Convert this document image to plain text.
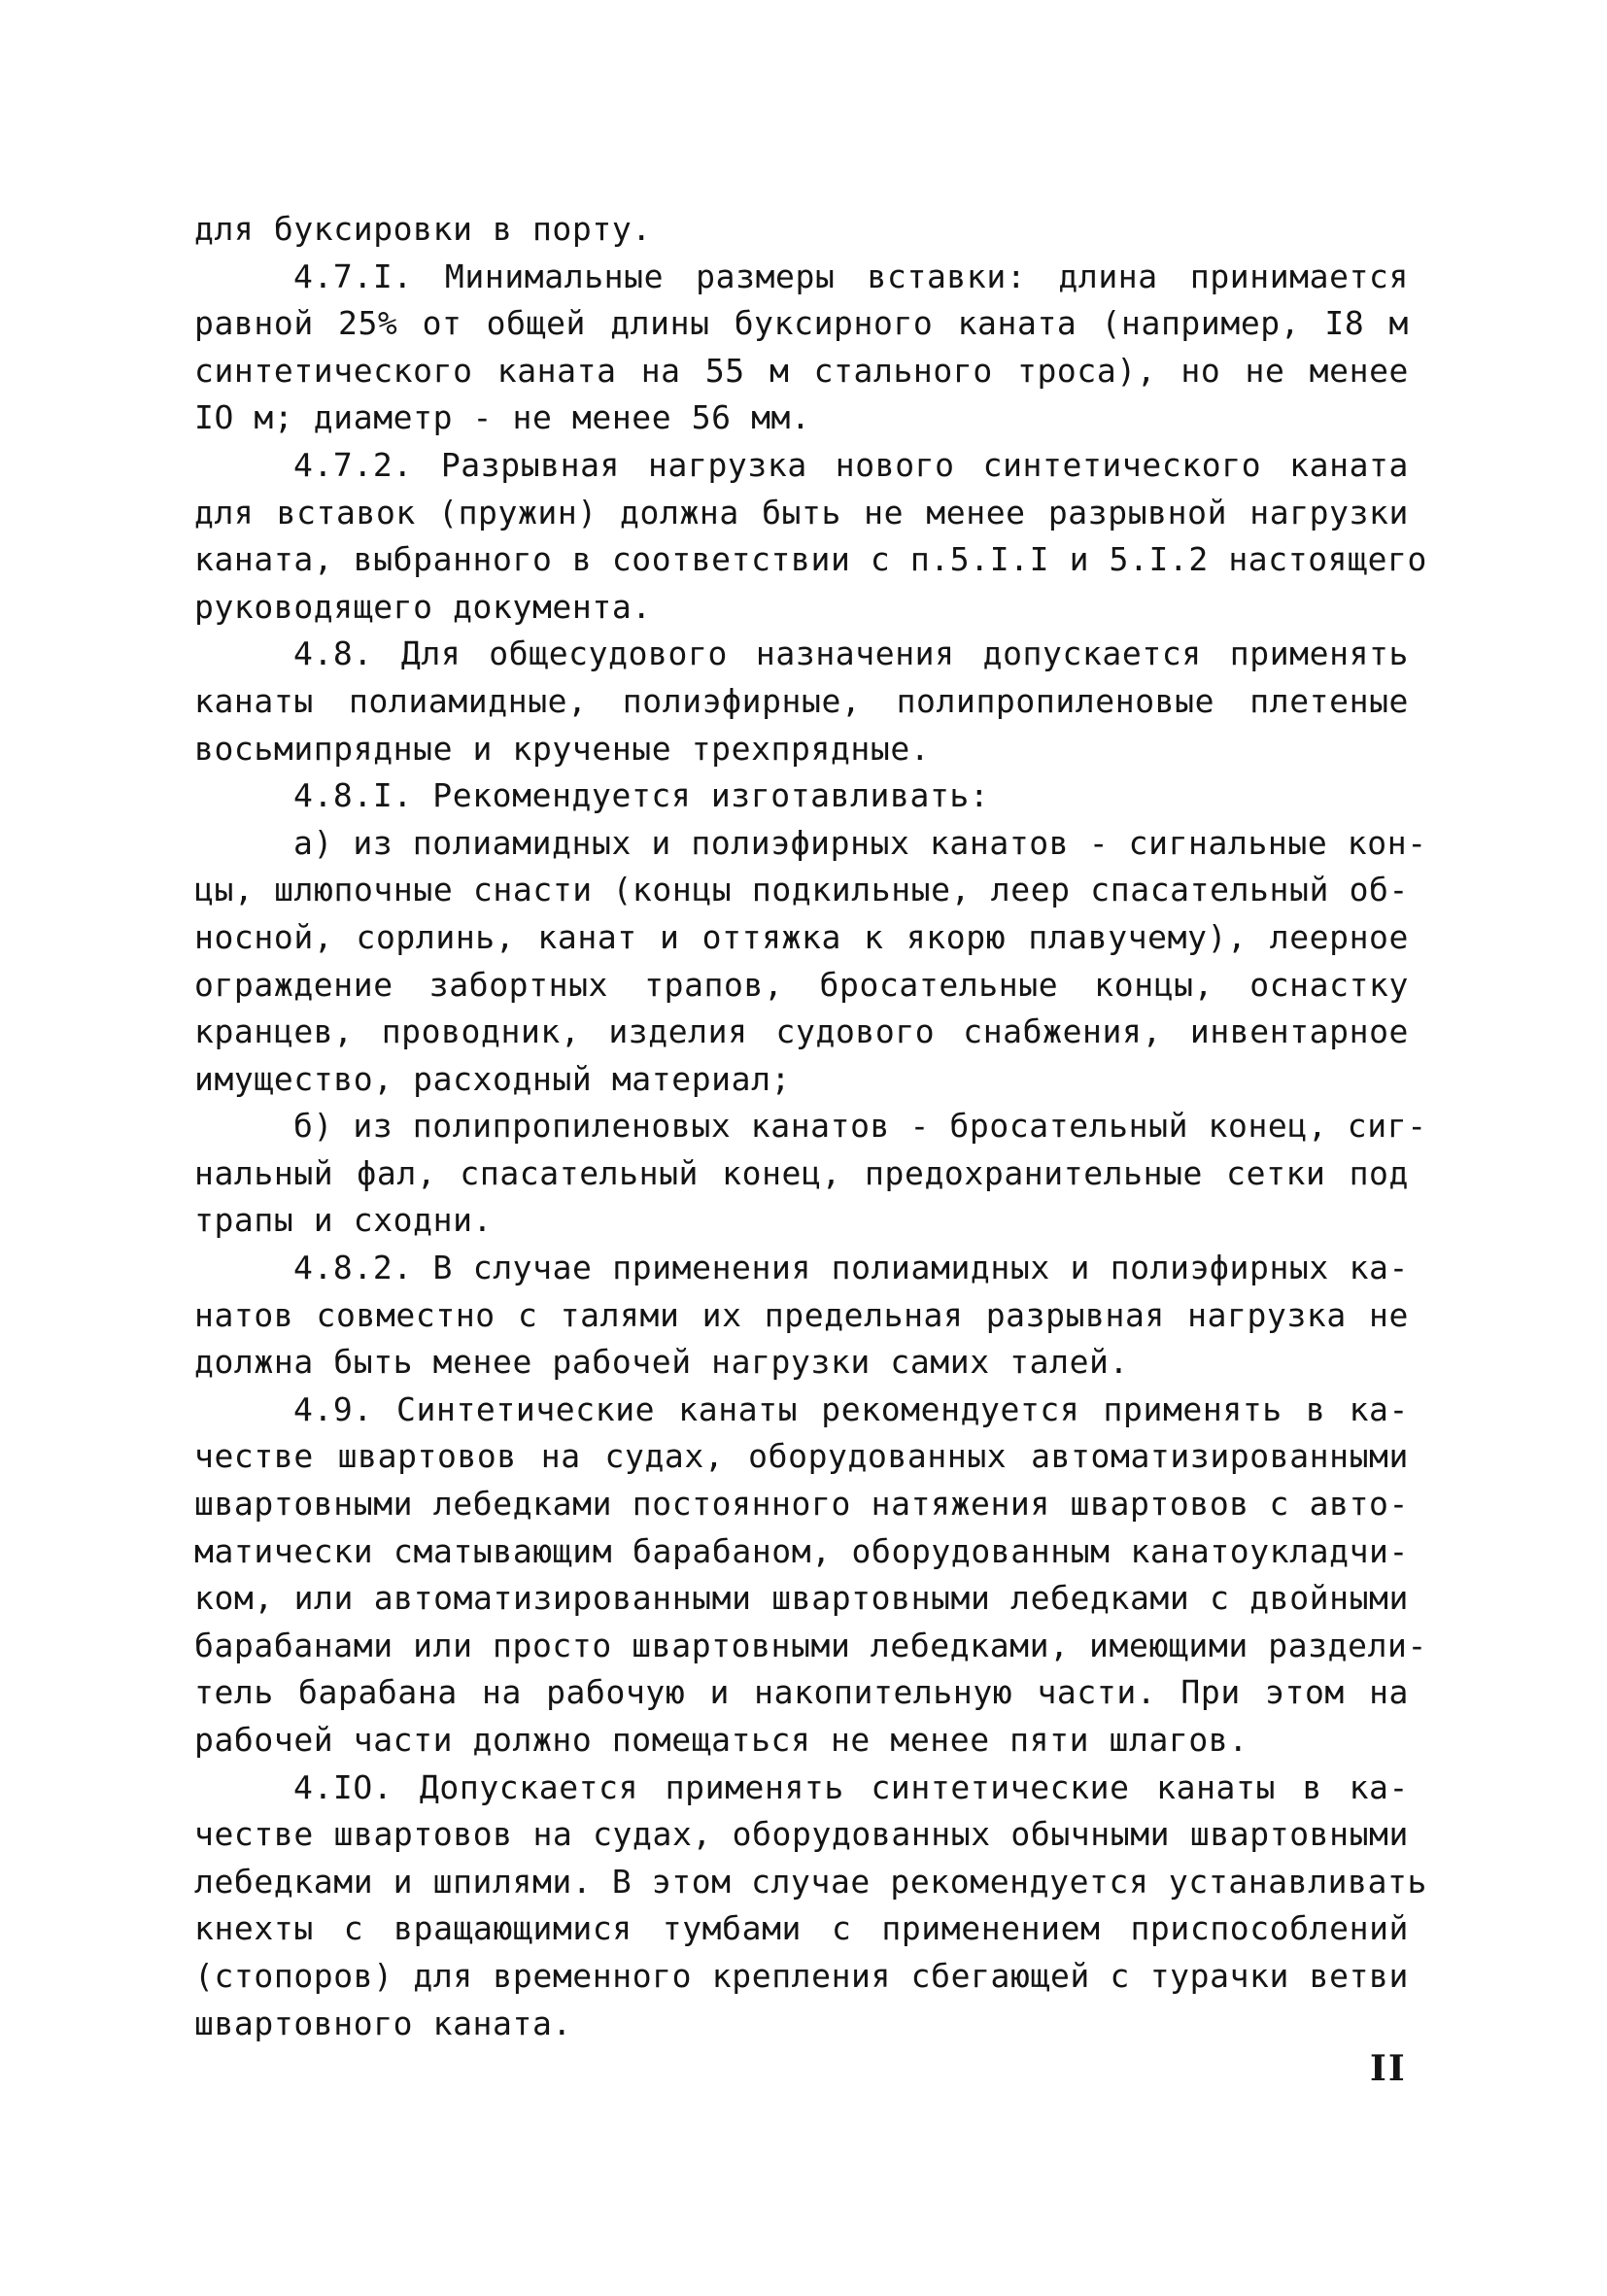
для буксировки в порту.
4.7.I. Минимальные размеры вставки: длина принимается
равной 25% от общей длины буксирного каната (например, I8 м
синтетического каната на 55 м стального троса), но не менее
IO м; диаметр - не менее 56 мм.
4.7.2. Разрывная нагрузка нового синтетического каната
для вставок (пружин) должна быть не менее разрывной нагрузки
каната, выбранного в соответствии с п.5.I.I и 5.I.2 настоящего
руководящего документа.
4.8. Для общесудового назначения допускается применять
канаты полиамидные, полиэфирные, полипропиленовые плетеные
восьмипрядные и крученые трехпрядные.
4.8.I. Рекомендуется изготавливать:
а) из полиамидных и полиэфирных канатов - сигнальные кон-
цы, шлюпочные снасти (концы подкильные, леер спасательный об-
носной, сорлинь, канат и оттяжка к якорю плавучему), леерное
ограждение забортных трапов, бросательные концы, оснастку
кранцев, проводник, изделия судового снабжения, инвентарное
имущество, расходный материал;
б) из полипропиленовых канатов - бросательный конец, сиг-
нальный фал, спасательный конец, предохранительные сетки под
трапы и сходни.
4.8.2. В случае применения полиамидных и полиэфирных ка-
натов совместно с талями их предельная разрывная нагрузка не
должна быть менее рабочей нагрузки самих талей.
4.9. Синтетические канаты рекомендуется применять в ка-
честве швартовов на судах, оборудованных автоматизированными
швартовными лебедками постоянного натяжения швартовов с авто-
матически сматывающим барабаном, оборудованным канатоукладчи-
ком, или автоматизированными швартовными лебедками с двойными
барабанами или просто швартовными лебедками, имеющими раздели-
тель барабана на рабочую и накопительную части. При этом на
рабочей части должно помещаться не менее пяти шлагов.
4.IO. Допускается применять синтетические канаты в ка-
честве швартовов на судах, оборудованных обычными швартовными
лебедками и шпилями. В этом случае рекомендуется устанавливать
кнехты с вращающимися тумбами с применением приспособлений
(стопоров) для временного крепления сбегающей с турачки ветви
швартовного каната.
II
